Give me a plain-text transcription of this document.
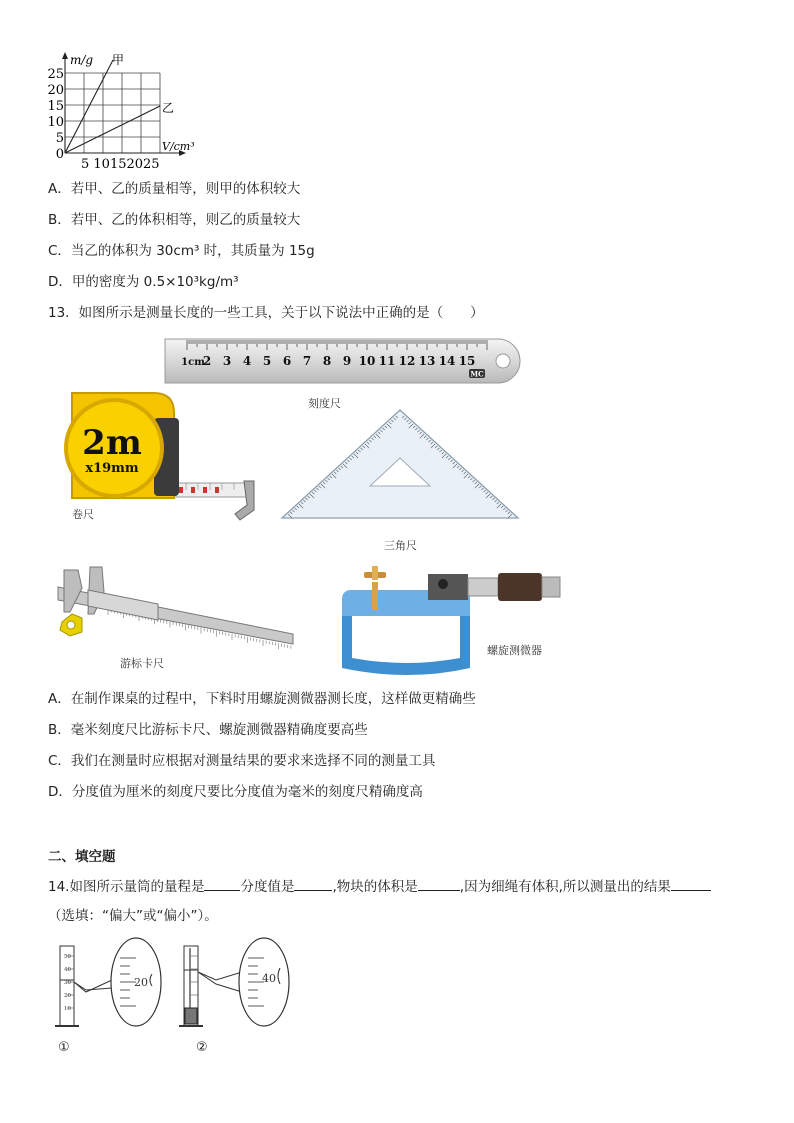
m/g 甲
乙
V/cm³
25
20
15
10
5
0
5 10152025
A．若甲、乙的质量相等，则甲的体积较大
B．若甲、乙的体积相等，则乙的质量较大
C．当乙的体积为 30cm³ 时，其质量为 15g
D．甲的密度为 0.5×10³kg/m³
13．如图所示是测量长度的一些工具，关于以下说法中正确的是（　　）
1cm
2 3 4 5 6 7 8 9 10 11 12 13 14 15
MC
刻度尺
2m
x19mm
卷尺
三角尺
游标卡尺
螺旋测微器
A．在制作课桌的过程中，下料时用螺旋测微器测长度，这样做更精确些
B．毫米刻度尺比游标卡尺、螺旋测微器精确度要高些
C．我们在测量时应根据对测量结果的要求来选择不同的测量工具
D．分度值为厘米的刻度尺要比分度值为毫米的刻度尺精确度高
二、填空题
14.如图所示量筒的量程是	分度值是	,物块的体积是	,因为细绳有体积,所以测量出的结果
（选填：“偏大”或“偏小”）。
50
40
30
20
10
20
①
40
②
